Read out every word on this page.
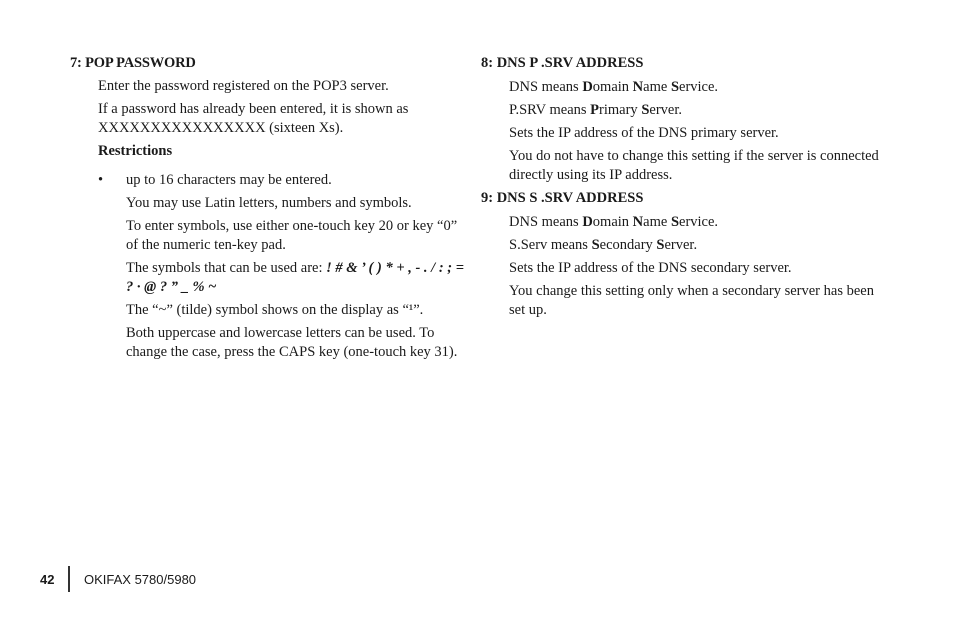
7: POP PASSWORD
Enter the password registered on the POP3 server.
If a password has already been entered, it is shown as XXXXXXXXXXXXXXXX (sixteen Xs).
Restrictions
•	up to 16 characters may be entered.
You may use Latin letters, numbers and symbols.
To enter symbols, use either one-touch key 20 or key “0” of the numeric ten-key pad.
The symbols that can be used are: ! # & ’ ( ) * + , - . / : ; = ? · @ ? ” _ % ~
The “~” (tilde) symbol shows on the display as “¹”.
Both uppercase and lowercase letters can be used. To change the case, press the CAPS key (one-touch key 31).
8: DNS P .SRV ADDRESS
DNS means Domain Name Service.
P.SRV means Primary Server.
Sets the IP address of the DNS primary server.
You do not have to change this setting if the server is connected directly using its IP address.
9: DNS S .SRV ADDRESS
DNS means Domain Name Service.
S.Serv means Secondary Server.
Sets the IP address of the DNS secondary server.
You change this setting only when a secondary server has been set up.
42	OKIFAX 5780/5980
